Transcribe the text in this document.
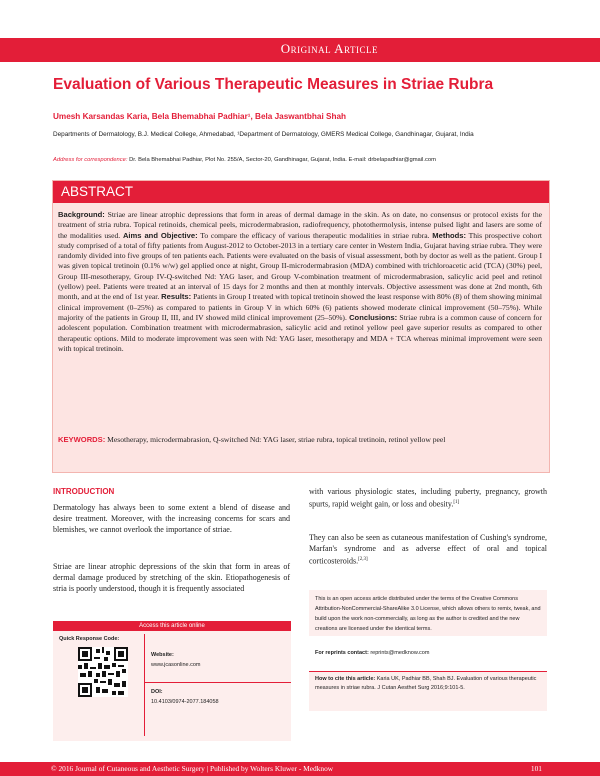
Original Article
Evaluation of Various Therapeutic Measures in Striae Rubra
Umesh Karsandas Karia, Bela Bhemabhai Padhiar¹, Bela Jaswantbhai Shah
Departments of Dermatology, B.J. Medical College, Ahmedabad, ¹Department of Dermatology, GMERS Medical College, Gandhinagar, Gujarat, India
Address for correspondence: Dr. Bela Bhemabhai Padhiar, Plot No. 255/A, Sector-20, Gandhinagar, Gujarat, India. E-mail: drbelapadhiar@gmail.com
ABSTRACT
Background: Striae are linear atrophic depressions that form in areas of dermal damage in the skin. As on date, no consensus or protocol exists for the treatment of stria rubra. Topical retinoids, chemical peels, microdermabrasion, radiofrequency, photothermolysis, intense pulsed light and lasers are some of the modalities used. Aims and Objective: To compare the efficacy of various therapeutic modalities in striae rubra. Methods: This prospective cohort study comprised of a total of fifty patients from August-2012 to October-2013 in a tertiary care center in Western India, Gujarat having striae rubra. They were randomly divided into five groups of ten patients each. Patients were evaluated on the basis of visual assessment, both by doctor as well as the patient. Group I was given topical tretinoin (0.1% w/w) gel applied once at night, Group II-microdermabrasion (MDA) combined with trichloroacetic acid (TCA) (30%) peel, Group III-mesotherapy, Group IV-Q-switched Nd: YAG laser, and Group V-combination treatment of microdermabrasion, salicylic acid peel and retinol (yellow) peel. Patients were treated at an interval of 15 days for 2 months and then at monthly intervals. Objective assessment was done at 2nd month, 6th month, and at the end of 1st year. Results: Patients in Group I treated with topical tretinoin showed the least response with 80% (8) of them showing minimal clinical improvement (0–25%) as compared to patients in Group V in which 60% (6) patients showed moderate clinical improvement (50–75%). While majority of the patients in Group II, III, and IV showed mild clinical improvement (25–50%). Conclusions: Striae rubra is a common cause of concern for adolescent population. Combination treatment with microdermabrasion, salicylic acid and retinol yellow peel gave superior results as compared to other therapeutic options. Mild to moderate improvement was seen with Nd: YAG laser, mesotherapy and MDA + TCA whereas minimal improvement were seen with topical tretinoin.
KEYWORDS: Mesotherapy, microdermabrasion, Q-switched Nd: YAG laser, striae rubra, topical tretinoin, retinol yellow peel
INTRODUCTION
Dermatology has always been to some extent a blend of disease and desire treatment. Moreover, with the increasing concerns for scars and blemishes, we cannot overlook the importance of striae.
Striae are linear atrophic depressions of the skin that form in areas of dermal damage produced by stretching of the skin. Etiopathogenesis of stria is poorly understood, though it is frequently associated
with various physiologic states, including puberty, pregnancy, growth spurts, rapid weight gain, or loss and obesity.[1]
They can also be seen as cutaneous manifestation of Cushing's syndrome, Marfan's syndrome and as adverse effect of oral and topical corticosteroids.[2,3]
Access this article online
Quick Response Code:
Website:
www.jcasonline.com
DOI:
10.4103/0974-2077.184058
This is an open access article distributed under the terms of the Creative Commons Attribution-NonCommercial-ShareAlike 3.0 License, which allows others to remix, tweak, and build upon the work non-commercially, as long as the author is credited and the new creations are licensed under the identical terms.
For reprints contact: reprints@medknow.com
How to cite this article: Karia UK, Padhiar BB, Shah BJ. Evaluation of various therapeutic measures in striae rubra. J Cutan Aesthet Surg 2016;9:101-5.
© 2016 Journal of Cutaneous and Aesthetic Surgery | Published by Wolters Kluwer - Medknow	101
